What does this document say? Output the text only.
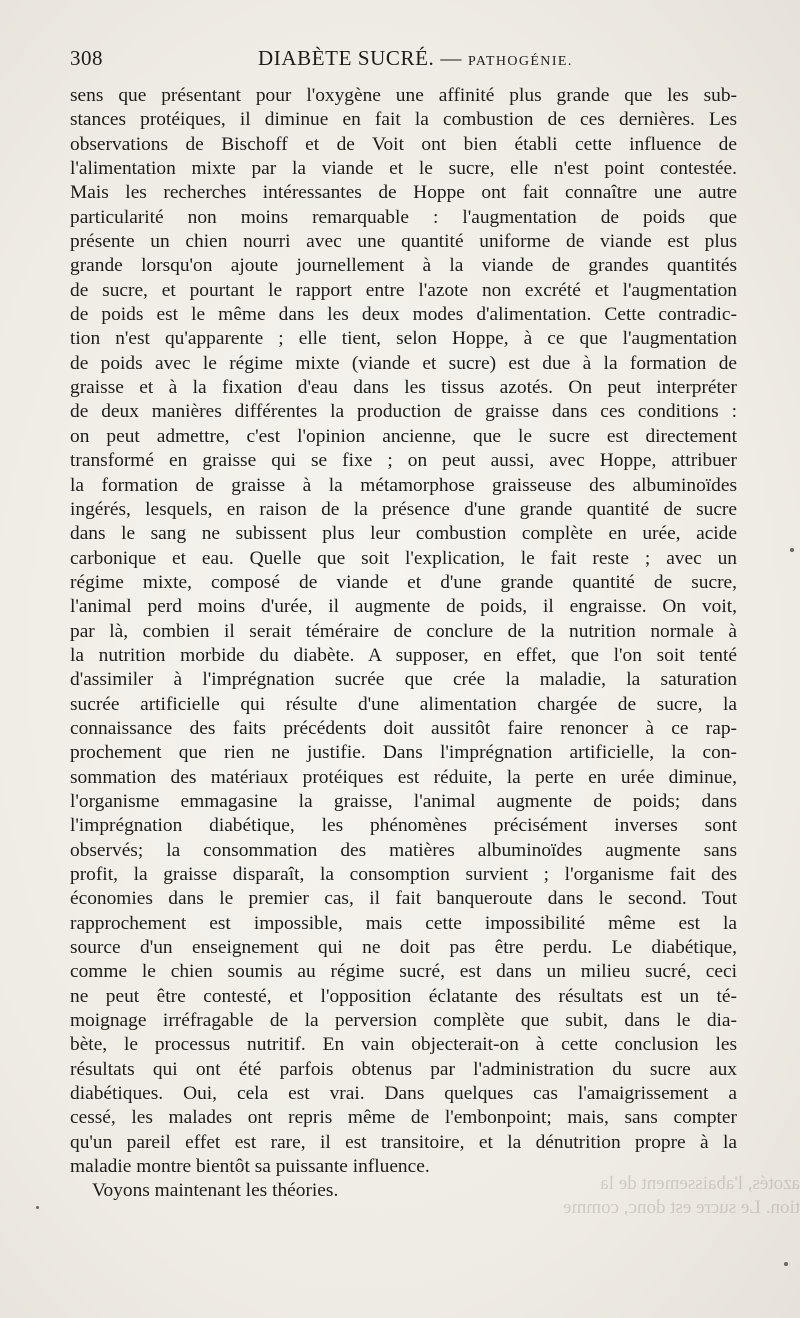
308	DIABÈTE SUCRÉ. — PATHOGÉNIE.
sens que présentant pour l'oxygène une affinité plus grande que les sub-
stances protéiques, il diminue en fait la combustion de ces dernières. Les
observations de Bischoff et de Voit ont bien établi cette influence de
l'alimentation mixte par la viande et le sucre, elle n'est point contestée.
Mais les recherches intéressantes de Hoppe ont fait connaître une autre
particularité non moins remarquable : l'augmentation de poids que
présente un chien nourri avec une quantité uniforme de viande est plus
grande lorsqu'on ajoute journellement à la viande de grandes quantités
de sucre, et pourtant le rapport entre l'azote non excrété et l'augmentation
de poids est le même dans les deux modes d'alimentation. Cette contradic-
tion n'est qu'apparente ; elle tient, selon Hoppe, à ce que l'augmentation
de poids avec le régime mixte (viande et sucre) est due à la formation de
graisse et à la fixation d'eau dans les tissus azotés. On peut interpréter
de deux manières différentes la production de graisse dans ces conditions :
on peut admettre, c'est l'opinion ancienne, que le sucre est directement
transformé en graisse qui se fixe ; on peut aussi, avec Hoppe, attribuer
la formation de graisse à la métamorphose graisseuse des albuminoïdes
ingérés, lesquels, en raison de la présence d'une grande quantité de sucre
dans le sang ne subissent plus leur combustion complète en urée, acide
carbonique et eau. Quelle que soit l'explication, le fait reste ; avec un
régime mixte, composé de viande et d'une grande quantité de sucre,
l'animal perd moins d'urée, il augmente de poids, il engraisse. On voit,
par là, combien il serait téméraire de conclure de la nutrition normale à
la nutrition morbide du diabète. A supposer, en effet, que l'on soit tenté
d'assimiler à l'imprégnation sucrée que crée la maladie, la saturation
sucrée artificielle qui résulte d'une alimentation chargée de sucre, la
connaissance des faits précédents doit aussitôt faire renoncer à ce rap-
prochement que rien ne justifie. Dans l'imprégnation artificielle, la con-
sommation des matériaux protéiques est réduite, la perte en urée diminue,
l'organisme emmagasine la graisse, l'animal augmente de poids; dans
l'imprégnation diabétique, les phénomènes précisément inverses sont
observés; la consommation des matières albuminoïdes augmente sans
profit, la graisse disparaît, la consomption survient ; l'organisme fait des
économies dans le premier cas, il fait banqueroute dans le second. Tout
rapprochement est impossible, mais cette impossibilité même est la
source d'un enseignement qui ne doit pas être perdu. Le diabétique,
comme le chien soumis au régime sucré, est dans un milieu sucré, ceci
ne peut être contesté, et l'opposition éclatante des résultats est un té-
moignage irréfragable de la perversion complète que subit, dans le dia-
bète, le processus nutritif. En vain objecterait-on à cette conclusion les
résultats qui ont été parfois obtenus par l'administration du sucre aux
diabétiques. Oui, cela est vrai. Dans quelques cas l'amaigrissement a
cessé, les malades ont repris même de l'embonpoint; mais, sans compter
qu'un pareil effet est rare, il est transitoire, et la dénutrition propre à la
maladie montre bientôt sa puissante influence.
Voyons maintenant les théories.	azotés, l'abaissement de la
tion. Le sucre est donc, comme
